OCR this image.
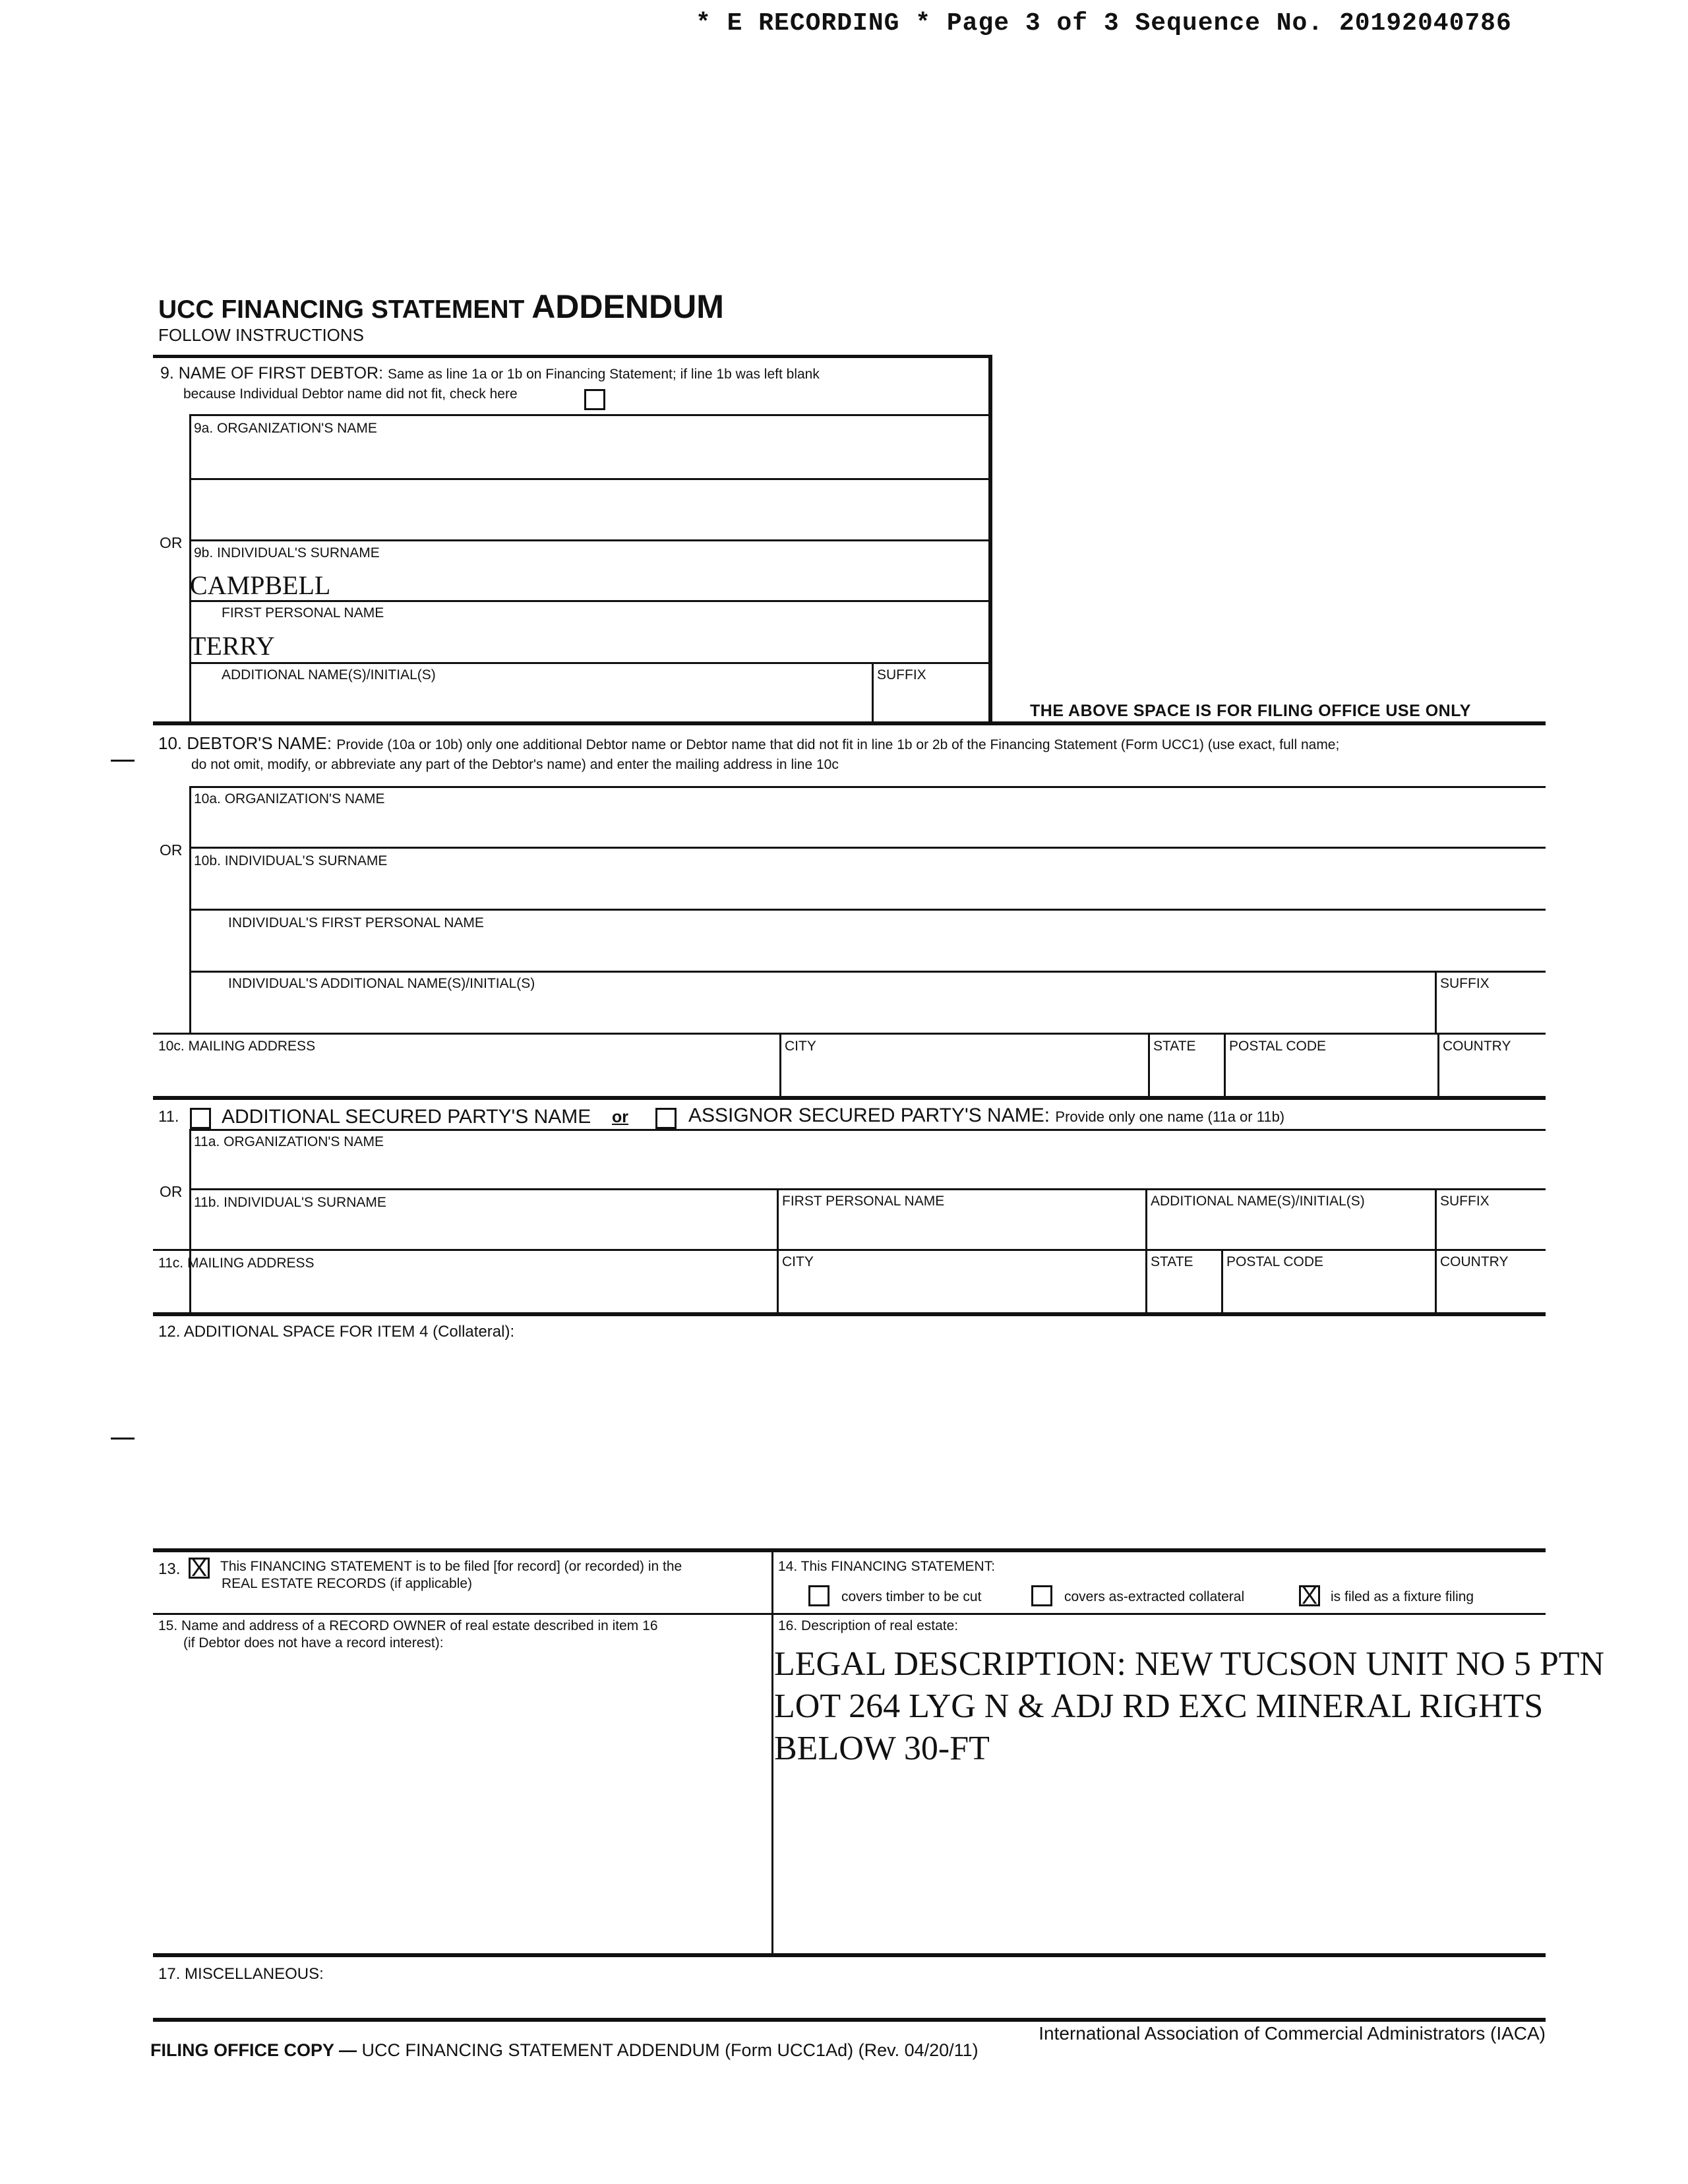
* E RECORDING * Page 3 of 3 Sequence No. 20192040786
UCC FINANCING STATEMENT ADDENDUM
FOLLOW INSTRUCTIONS
9. NAME OF FIRST DEBTOR: Same as line 1a or 1b on Financing Statement; if line 1b was left blank
because Individual Debtor name did not fit, check here
9a. ORGANIZATION'S NAME
OR
9b. INDIVIDUAL'S SURNAME
CAMPBELL
FIRST PERSONAL NAME
TERRY
ADDITIONAL NAME(S)/INITIAL(S)	SUFFIX
THE ABOVE SPACE IS FOR FILING OFFICE USE ONLY
10. DEBTOR'S NAME: Provide (10a or 10b) only one additional Debtor name or Debtor name that did not fit in line 1b or 2b of the Financing Statement (Form UCC1) (use exact, full name;
do not omit, modify, or abbreviate any part of the Debtor's name) and enter the mailing address in line 10c
10a. ORGANIZATION'S NAME
OR
10b. INDIVIDUAL'S SURNAME
INDIVIDUAL'S FIRST PERSONAL NAME
INDIVIDUAL'S ADDITIONAL NAME(S)/INITIAL(S)	SUFFIX
10c. MAILING ADDRESS	CITY	STATE POSTAL CODE	COUNTRY
11. ADDITIONAL SECURED PARTY'S NAME or	ASSIGNOR SECURED PARTY'S NAME: Provide only one name (11a or 11b)
11a. ORGANIZATION'S NAME
OR
11b. INDIVIDUAL'S SURNAME	FIRST PERSONAL NAME	ADDITIONAL NAME(S)/INITIAL(S)	SUFFIX
11c. MAILING ADDRESS	CITY	STATE POSTAL CODE	COUNTRY
12. ADDITIONAL SPACE FOR ITEM 4 (Collateral):
13. X This FINANCING STATEMENT is to be filed [for record] (or recorded) in the
REAL ESTATE RECORDS (if applicable)
14. This FINANCING STATEMENT:
covers timber to be cut	covers as-extracted collateral X is filed as a fixture filing
15. Name and address of a RECORD OWNER of real estate described in item 16
(if Debtor does not have a record interest):
16. Description of real estate:
LEGAL DESCRIPTION: NEW TUCSON UNIT NO 5 PTN
LOT 264 LYG N & ADJ RD EXC MINERAL RIGHTS
BELOW 30-FT
17. MISCELLANEOUS:
International Association of Commercial Administrators (IACA)
FILING OFFICE COPY — UCC FINANCING STATEMENT ADDENDUM (Form UCC1Ad) (Rev. 04/20/11)
